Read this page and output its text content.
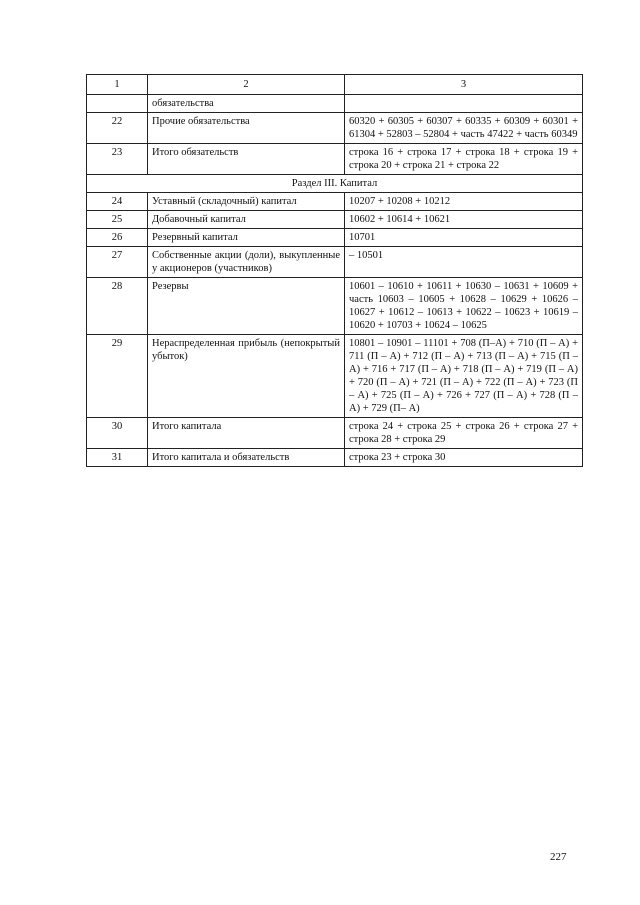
1	2	3
	обязательства	
22	Прочие обязательства	60320 + 60305 + 60307 + 60335 + 60309 + 60301 + 61304 + 52803 – 52804 + часть 47422 + часть 60349
23	Итого обязательств	строка 16 + строка 17 + строка 18 + строка 19 + строка 20 + строка 21 + строка 22
Раздел III. Капитал		
24	Уставный (складочный) капитал	10207 + 10208 + 10212
25	Добавочный капитал	10602 + 10614 + 10621
26	Резервный капитал	10701
27	Собственные акции (доли), выкупленные у акционеров (участников)	– 10501
28	Резервы	10601 – 10610 + 10611 + 10630 – 10631 + 10609 + часть 10603 – 10605 + 10628 – 10629 + 10626 – 10627 + 10612 – 10613 + 10622 – 10623 + 10619 – 10620 + 10703 + 10624 – 10625
29	Нераспределенная прибыль (непокрытый убыток)	10801 – 10901 – 11101 + 708 (П–А) + 710 (П – А) + 711 (П – А) + 712 (П – А) + 713 (П – А) + 715 (П – А) + 716 + 717 (П – А) + 718 (П – А) + 719 (П – А) + 720 (П – А) + 721 (П – А) + 722 (П – А) + 723 (П – А) + 725 (П – А) + 726 + 727 (П – А) + 728 (П – А) + 729 (П– А)
30	Итого капитала	строка 24 + строка 25 + строка 26 + строка 27 + строка 28 + строка 29
31	Итого капитала и обязательств	строка 23 + строка 30
227
